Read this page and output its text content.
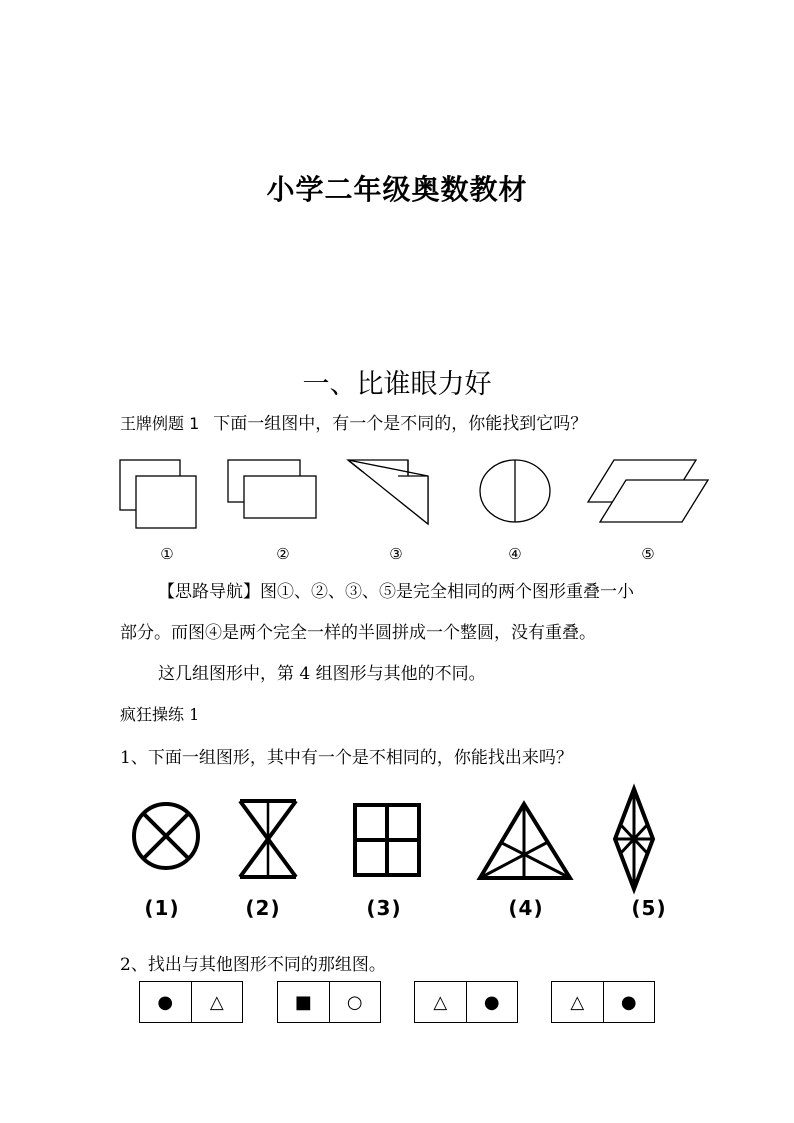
小学二年级奥数教材
一、比谁眼力好
王牌例题 1 下面一组图中，有一个是不同的，你能找到它吗？
①	②	③	④	⑤
【思路导航】图①、②、③、⑤是完全相同的两个图形重叠一小
部分。而图④是两个完全一样的半圆拼成一个整圆，没有重叠。
这几组图形中，第 4 组图形与其他的不同。
疯狂操练 1
1、下面一组图形，其中有一个是不相同的，你能找出来吗？
(1)	(2)	(3)	(4)	(5)
2、找出与其他图形不同的那组图。
●	△	■	○	△	●	△	●
